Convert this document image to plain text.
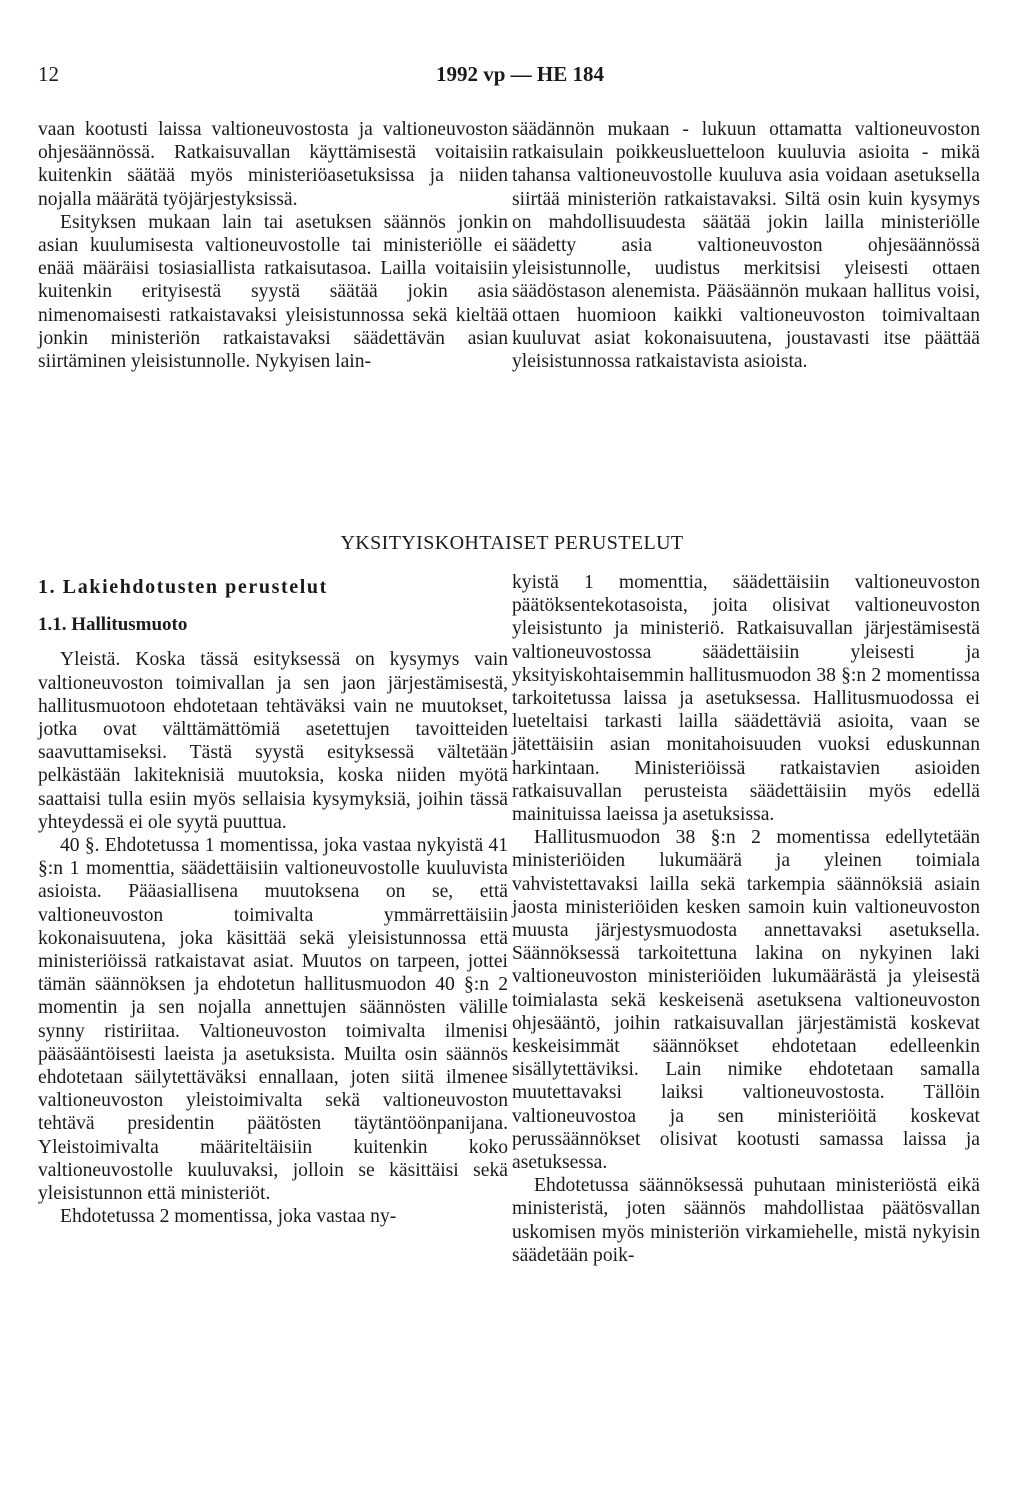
12	1992 vp — HE 184

vaan kootusti laissa valtioneuvostosta ja valtioneuvoston ohjesäännössä. Ratkaisuvallan käyttämisestä voitaisiin kuitenkin säätää myös ministeriöasetuksissa ja niiden nojalla määrätä työjärjestyksissä.

Esityksen mukaan lain tai asetuksen säännös jonkin asian kuulumisesta valtioneuvostolle tai ministeriölle ei enää määräisi tosiasiallista ratkaisutasoa. Lailla voitaisiin kuitenkin erityisestä syystä säätää jokin asia nimenomaisesti ratkaistavaksi yleisistunnossa sekä kieltää jonkin ministeriön ratkaistavaksi säädettävän asian siirtäminen yleisistunnolle. Nykyisen lain-

säädännön mukaan - lukuun ottamatta valtioneuvoston ratkaisulain poikkeusluetteloon kuuluvia asioita - mikä tahansa valtioneuvostolle kuuluva asia voidaan asetuksella siirtää ministeriön ratkaistavaksi. Siltä osin kuin kysymys on mahdollisuudesta säätää jokin lailla ministeriölle säädetty asia valtioneuvoston ohjesäännössä yleisistunnolle, uudistus merkitsisi yleisesti ottaen säädöstason alenemista. Pääsäännön mukaan hallitus voisi, ottaen huomioon kaikki valtioneuvoston toimivaltaan kuuluvat asiat kokonaisuutena, joustavasti itse päättää yleisistunnossa ratkaistavista asioista.

YKSITYISKOHTAISET PERUSTELUT
1. Lakiehdotusten perustelut
1.1. Hallitusmuoto

Yleistä. Koska tässä esityksessä on kysymys vain valtioneuvoston toimivallan ja sen jaon järjestämisestä, hallitusmuotoon ehdotetaan tehtäväksi vain ne muutokset, jotka ovat välttämättömiä asetettujen tavoitteiden saavuttamiseksi. Tästä syystä esityksessä vältetään pelkästään lakiteknisiä muutoksia, koska niiden myötä saattaisi tulla esiin myös sellaisia kysymyksiä, joihin tässä yhteydessä ei ole syytä puuttua.

40 §. Ehdotetussa 1 momentissa, joka vastaa nykyistä 41 §:n 1 momenttia, säädettäisiin valtioneuvostolle kuuluvista asioista. Pääasiallisena muutoksena on se, että valtioneuvoston toimivalta ymmärrettäisiin kokonaisuutena, joka käsittää sekä yleisistunnossa että ministeriöissä ratkaistavat asiat. Muutos on tarpeen, jottei tämän säännöksen ja ehdotetun hallitusmuodon 40 §:n 2 momentin ja sen nojalla annettujen säännösten välille synny ristiriitaa. Valtioneuvoston toimivalta ilmenisi pääsääntöisesti laeista ja asetuksista. Muilta osin säännös ehdotetaan säilytettäväksi ennallaan, joten siitä ilmenee valtioneuvoston yleistoimivalta sekä valtioneuvoston tehtävä presidentin päätösten täytäntöönpanijana. Yleistoimivalta määriteltäisiin kuitenkin koko valtioneuvostolle kuuluvaksi, jolloin se käsittäisi sekä yleisistunnon että ministeriöt.

Ehdotetussa 2 momentissa, joka vastaa ny-

kyistä 1 momenttia, säädettäisiin valtioneuvoston päätöksentekotasoista, joita olisivat valtioneuvoston yleisistunto ja ministeriö. Ratkaisuvallan järjestämisestä valtioneuvostossa säädettäisiin yleisesti ja yksityiskohtaisemmin hallitusmuodon 38 §:n 2 momentissa tarkoitetussa laissa ja asetuksessa. Hallitusmuodossa ei lueteltaisi tarkasti lailla säädettäviä asioita, vaan se jätettäisiin asian monitahoisuuden vuoksi eduskunnan harkintaan. Ministeriöissä ratkaistavien asioiden ratkaisuvallan perusteista säädettäisiin myös edellä mainituissa laeissa ja asetuksissa.

Hallitusmuodon 38 §:n 2 momentissa edellytetään ministeriöiden lukumäärä ja yleinen toimiala vahvistettavaksi lailla sekä tarkempia säännöksiä asiain jaosta ministeriöiden kesken samoin kuin valtioneuvoston muusta järjestysmuodosta annettavaksi asetuksella. Säännöksessä tarkoitettuna lakina on nykyinen laki valtioneuvoston ministeriöiden lukumäärästä ja yleisestä toimialasta sekä keskeisenä asetuksena valtioneuvoston ohjesääntö, joihin ratkaisuvallan järjestämistä koskevat keskeisimmät säännökset ehdotetaan edelleenkin sisällytettäviksi. Lain nimike ehdotetaan samalla muutettavaksi laiksi valtioneuvostosta. Tällöin valtioneuvostoa ja sen ministeriöitä koskevat perussäännökset olisivat kootusti samassa laissa ja asetuksessa.

Ehdotetussa säännöksessä puhutaan ministeriöstä eikä ministeristä, joten säännös mahdollistaa päätösvallan uskomisen myös ministeriön virkamiehelle, mistä nykyisin säädetään poik-
